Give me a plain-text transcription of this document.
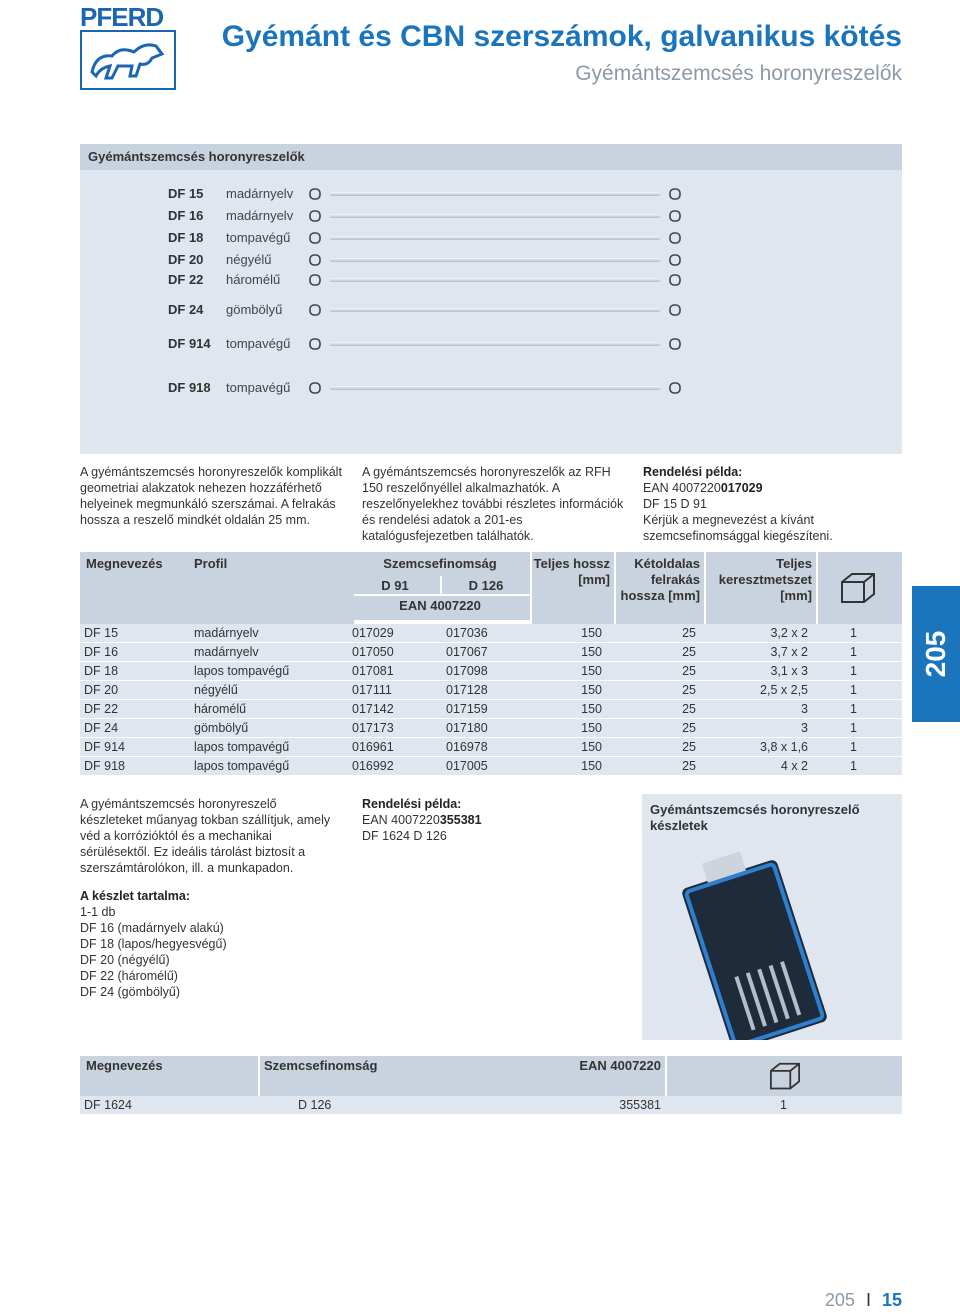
PFERD
Gyémánt és CBN szerszámok, galvanikus kötés
Gyémántszemcsés horonyreszelők
Gyémántszemcsés horonyreszelők
DF 15 madárnyelv
DF 16 madárnyelv
DF 18 tompavégű
DF 20 négyélű
DF 22 háromélű
DF 24 gömbölyű
DF 914 tompavégű
DF 918 tompavégű
A gyémántszemcsés horonyreszelők komplikált geometriai alakzatok nehezen hozzáférhető helyeinek megmunkáló szerszámai. A felrakás hossza a reszelő mindkét oldalán 25 mm.
A gyémántszemcsés horonyreszelők az RFH 150 reszelőnyéllel alkalmazhatók. A reszelőnyelekhez további részletes információk és rendelési adatok a 201-es katalógusfejezetben találhatók.
Rendelési példa:
EAN 4007220017029
DF 15 D 91
Kérjük a megnevezést a kívánt szemcsefinomsággal kiegészíteni.
Megnevezés	Profil	Szemcsefinomság
D 91	D 126
EAN 4007220
Teljes hossz [mm]
Kétoldalas felrakás hossza [mm]
Teljes keresztmetszet [mm]
DF 15	madárnyelv	017029	017036	150	25	3,2 x 2	1
DF 16	madárnyelv	017050	017067	150	25	3,7 x 2	1
DF 18	lapos tompavégű	017081	017098	150	25	3,1 x 3	1
DF 20	négyélű	017111	017128	150	25	2,5 x 2,5	1
DF 22	háromélű	017142	017159	150	25	3	1
DF 24	gömbölyű	017173	017180	150	25	3	1
DF 914	lapos tompavégű	016961	016978	150	25	3,8 x 1,6	1
DF 918	lapos tompavégű	016992	017005	150	25	4 x 2	1
205
A gyémántszemcsés horonyreszelő készleteket műanyag tokban szállítjuk, amely véd a korrózióktól és a mechanikai sérülésektől. Ez ideális tárolást biztosít a szerszámtárolókon, ill. a munkapadon.
A készlet tartalma:
1-1 db
DF 16 (madárnyelv alakú)
DF 18 (lapos/hegyesvégű)
DF 20 (négyélű)
DF 22 (háromélű)
DF 24 (gömbölyű)
Rendelési példa:
EAN 4007220355381
DF 1624 D 126
Gyémántszemcsés horonyreszelő készletek
Megnevezés	Szemcsefinomság	EAN 4007220
DF 1624	D 126	355381	1
205 I 15
